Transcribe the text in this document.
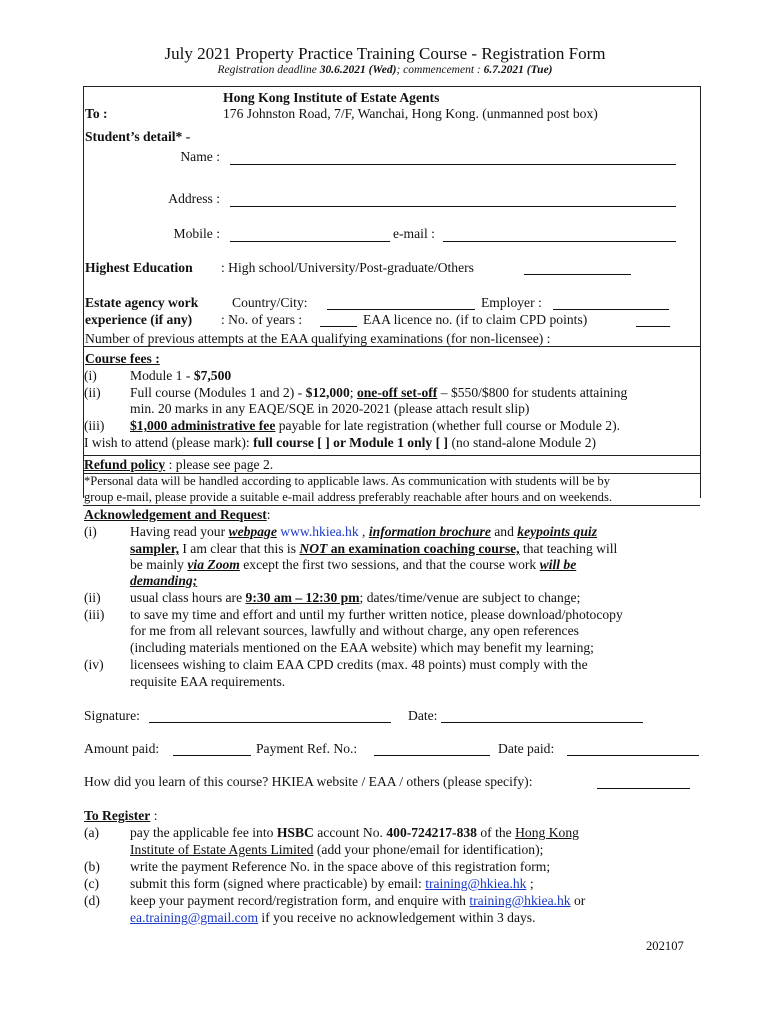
July 2021 Property Practice Training Course - Registration Form
Registration deadline 30.6.2021 (Wed); commencement : 6.7.2021 (Tue)
Hong Kong Institute of Estate Agents
To :	176 Johnston Road, 7/F, Wanchai, Hong Kong. (unmanned post box)
Student’s detail* -
Name :
Address :
Mobile :	e-mail :
Highest Education : High school/University/Post-graduate/Others
Estate agency work
experience (if any)
Country/City:	Employer :
: No. of years :	EAA licence no. (if to claim CPD points)
Number of previous attempts at the EAA qualifying examinations (for non-licensee) :
Course fees :
(i) Module 1 - $7,500
(ii) Full course (Modules 1 and 2) - $12,000; one-off set-off – $550/$800 for students attaining
min. 20 marks in any EAQE/SQE in 2020-2021 (please attach result slip)
(iii) $1,000 administrative fee payable for late registration (whether full course or Module 2).
I wish to attend (please mark): full course [ ] or Module 1 only [ ] (no stand-alone Module 2)
Refund policy : please see page 2.
*Personal data will be handled according to applicable laws. As communication with students will be by
group e-mail, please provide a suitable e-mail address preferably reachable after hours and on weekends.
Acknowledgement and Request:
(i) Having read your webpage www.hkiea.hk , information brochure and keypoints quiz
sampler, I am clear that this is NOT an examination coaching course, that teaching will
be mainly via Zoom except the first two sessions, and that the course work will be
demanding;
(ii) usual class hours are 9:30 am – 12:30 pm; dates/time/venue are subject to change;
(iii) to save my time and effort and until my further written notice, please download/photocopy
for me from all relevant sources, lawfully and without charge, any open references
(including materials mentioned on the EAA website) which may benefit my learning;
(iv) licensees wishing to claim EAA CPD credits (max. 48 points) must comply with the
requisite EAA requirements.
Signature:	Date:
Amount paid:	Payment Ref. No.:	Date paid:
How did you learn of this course? HKIEA website / EAA / others (please specify):
To Register :
(a) pay the applicable fee into HSBC account No. 400-724217-838 of the Hong Kong
Institute of Estate Agents Limited (add your phone/email for identification);
(b) write the payment Reference No. in the space above of this registration form;
(c) submit this form (signed where practicable) by email: training@hkiea.hk ;
(d) keep your payment record/registration form, and enquire with training@hkiea.hk or
ea.training@gmail.com if you receive no acknowledgement within 3 days.
202107
